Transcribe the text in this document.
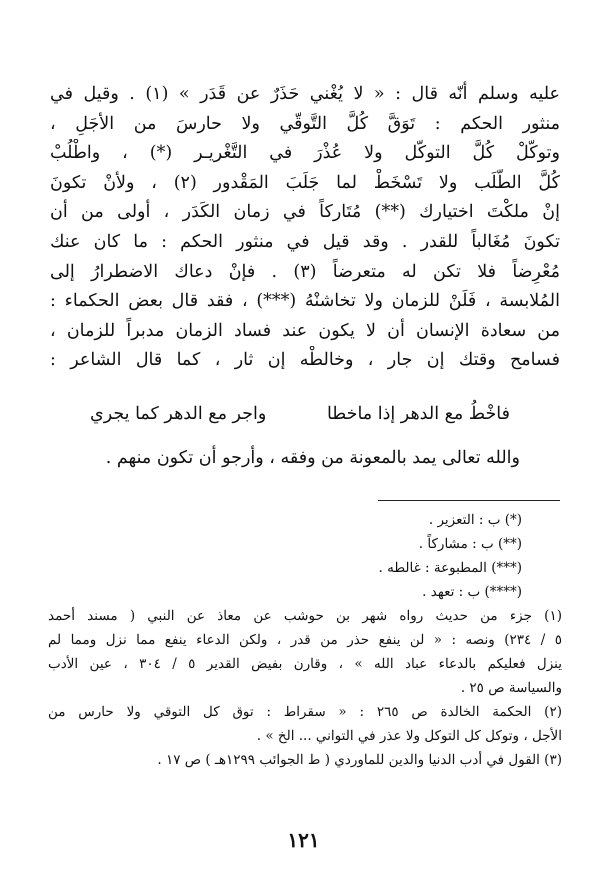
عليه وسلم أنّه قال : « لا يُغْني حَذَرٌ عن قَدَر » (١) . وقيل في
منثور الحكم : تَوَقَّ كُلَّ التَّوقّي ولا حارسَ من الأجَلِ ،
وتوكّلْ كُلَّ التوكّل ولا عُذْرَ في التَّغْريـر (*) ، واطْلُبْ
كُلَّ الطّلَب ولا تَسْخَطْ لما جَلَبَ المَقْدور (٢) ، ولأنْ تكونَ
إنْ ملكْتَ اختيارك (**) مُتَاركاً في زمان الكَدَر ، أولى من أن
تكونَ مُغَالباً للقدر . وقد قيل في منثور الحكم : ما كان عنك
مُعْرِضاً فلا تكن له متعرضاً (٣) . فإنْ دعاك الاضطرارُ إلى
المُلابسة ، فَلَنْ للزمان ولا تخاشنْهُ (***) ، فقد قال بعض الحكماء :
من سعادة الإنسان أن لا يكون عند فساد الزمان مدبراً للزمان ،
فسامح وقتك إن جار ، وخالطْه إن ثار ، كما قال الشاعر :
فاخْطُ مع الدهر إذا ماخطا
واجر مع الدهر كما يجري
والله تعالى يمد بالمعونة من وفقه ، وأرجو أن تكون منهم .
(*) ب : التعزير .
(**) ب : مشاركاً .
(***) المطبوعة : غالطه .
(****) ب : تعهد .
(١) جزء من حديث رواه شهر بن حوشب عن معاذ عن النبي ( مسند أحمد
٥ / ٢٣٤) ونصه : « لن ينفع حذر من قدر ، ولكن الدعاء ينفع مما نزل ومما لم
ينزل فعليكم بالدعاء عباد الله » ، وقارن بفيض القدير ٥ / ٣٠٤ ، عين الأدب
والسياسة ص ٢٥ .
(٢) الحكمة الخالدة ص ٢٦٥ : « سقراط : توق كل التوقي ولا حارس من
الأجل ، وتوكل كل التوكل ولا عذر في التواني ... الخ » .
(٣) القول في أدب الدنيا والدين للماوردي ( ط الجوائب ١٢٩٩هـ ) ص ١٧ .
١٢١
